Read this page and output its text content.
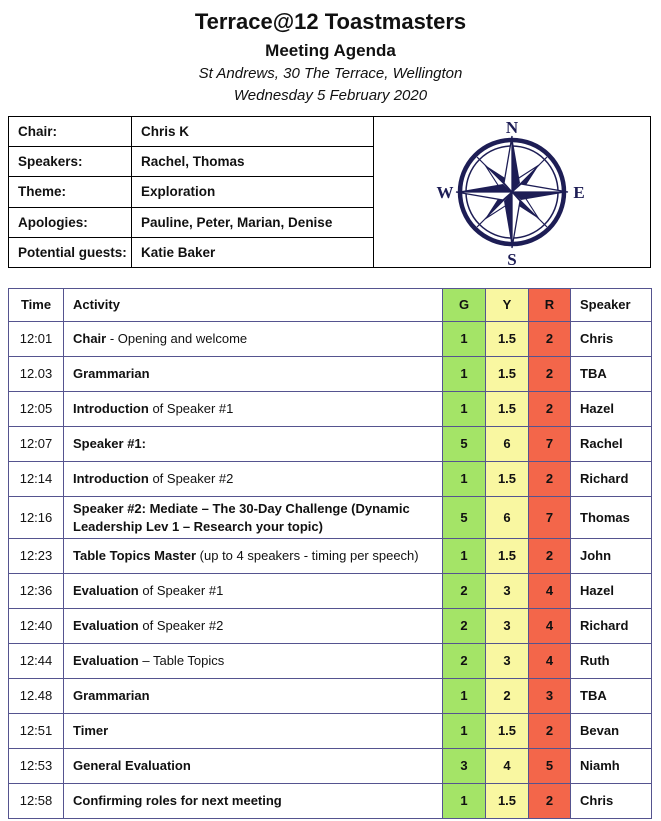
Terrace@12 Toastmasters
Meeting Agenda
St Andrews, 30 The Terrace, Wellington
Wednesday 5 February 2020
Chair:	Chris K
Speakers:	Rachel, Thomas
Theme:	Exploration
Apologies:	Pauline, Peter, Marian, Denise
Potential guests:	Katie Baker
N
E
S
W
Time	Activity	G	Y	R	Speaker
12:01	Chair - Opening and welcome	1	1.5	2	Chris
12.03	Grammarian	1	1.5	2	TBA
12:05	Introduction of Speaker #1	1	1.5	2	Hazel
12:07	Speaker #1:	5	6	7	Rachel
12:14	Introduction of Speaker #2	1	1.5	2	Richard
12:16	Speaker #2: Mediate – The 30-Day Challenge (Dynamic Leadership Lev 1 – Research your topic)	5	6	7	Thomas
12:23	Table Topics Master (up to 4 speakers - timing per speech)	1	1.5	2	John
12:36	Evaluation of Speaker #1	2	3	4	Hazel
12:40	Evaluation of Speaker #2	2	3	4	Richard
12:44	Evaluation – Table Topics	2	3	4	Ruth
12.48	Grammarian	1	2	3	TBA
12:51	Timer	1	1.5	2	Bevan
12:53	General Evaluation	3	4	5	Niamh
12:58	Confirming roles for next meeting	1	1.5	2	Chris
